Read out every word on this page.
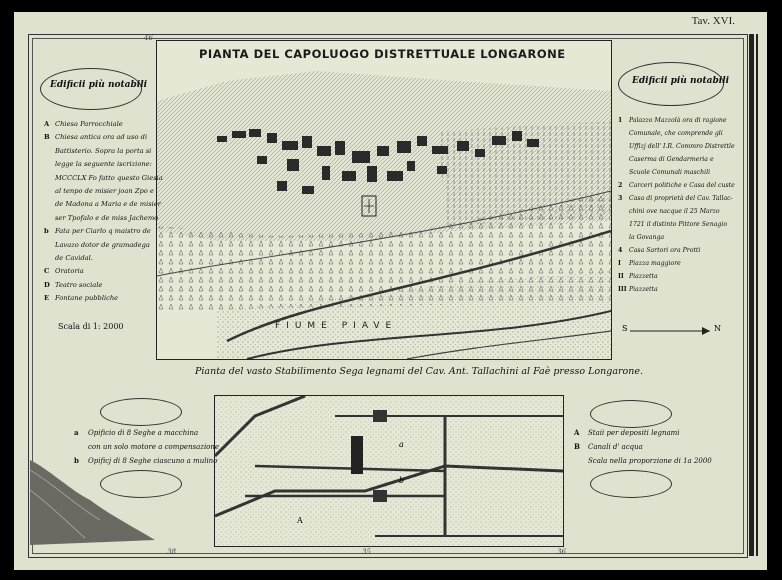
Tav. XVI.
46
38	35	36
PIANTA DEL CAPOLUOGO DISTRETTUALE LONGARONE
FIUME PIAVE
Edificii più notabili
A Chiesa Parrocchiale
B Chiesa antica ora ad uso di
Battisterio. Sopra la porta si
legge la seguente iscrizione:
MCCCLX Fo fatto questo Giesia
al tenpo de misier joan Zpo e
de Madona a Maria e de misier
ser Tpofalo e de miss Jachemo
b Fata per Ciarlo q maistro de
Lavazo dotor de gramadega
de Cavidal.
C Oratoria
D Teatro sociale
E Fontane pubbliche
Scala di 1: 2000
Edificii più notabili
1 Palazzo Mazzolà ora di ragione
Comunale, che comprende gli
Uffizj dell' I.R. Commro Distrettle
Caserma di Gendarmeria e
Scuole Comunali maschili
2 Carceri politiche e Casa del custe
3 Casa di proprietà del Cav. Tallac-
chini ove nacque il 25 Marzo
1721 il distinto Pittore Senagio
la Govanga
4 Casa Sartori ora Protti
I Piazza maggiore
II Piazzetta
III Piazzetta
S	N
Pianta del vasto Stabilimento Sega legnami del Cav. Ant. Tallachini al Faè presso Longarone.
a
A
b
a Opificio di 8 Seghe a macchina
con un solo motore a compensazione
b Opificj di 8 Seghe ciascuno a mulino
A Staii per depositi legnami
B Canali d' acqua
Scala nella proporzione di 1a 2000
